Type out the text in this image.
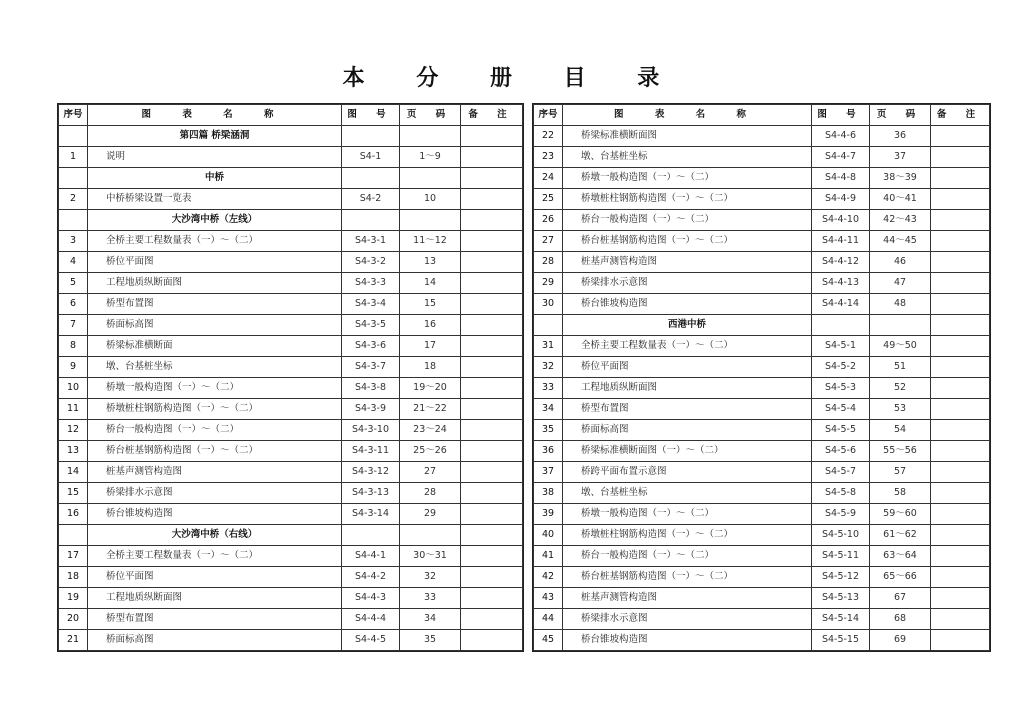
本 分 册 目 录
序号	图 表 名 称	图 号	页 码	备 注
	第四篇 桥梁涵洞			
1	说明	S4-1	1～9	
	中桥			
2	中桥桥梁设置一览表	S4-2	10	
	大沙湾中桥（左线）			
3	全桥主要工程数量表（一）～（二）	S4-3-1	11～12	
4	桥位平面图	S4-3-2	13	
5	工程地质纵断面图	S4-3-3	14	
6	桥型布置图	S4-3-4	15	
7	桥面标高图	S4-3-5	16	
8	桥梁标准横断面	S4-3-6	17	
9	墩、台基桩坐标	S4-3-7	18	
10	桥墩一般构造图（一）～（二）	S4-3-8	19～20	
11	桥墩桩柱钢筋构造图（一）～（二）	S4-3-9	21～22	
12	桥台一般构造图（一）～（二）	S4-3-10	23～24	
13	桥台桩基钢筋构造图（一）～（二）	S4-3-11	25～26	
14	桩基声测管构造图	S4-3-12	27	
15	桥梁排水示意图	S4-3-13	28	
16	桥台锥坡构造图	S4-3-14	29	
	大沙湾中桥（右线）			
17	全桥主要工程数量表（一）～（二）	S4-4-1	30～31	
18	桥位平面图	S4-4-2	32	
19	工程地质纵断面图	S4-4-3	33	
20	桥型布置图	S4-4-4	34	
21	桥面标高图	S4-4-5	35	
序号	图 表 名 称	图 号	页 码	备 注
22	桥梁标准横断面图	S4-4-6	36	
23	墩、台基桩坐标	S4-4-7	37	
24	桥墩一般构造图（一）～（二）	S4-4-8	38～39	
25	桥墩桩柱钢筋构造图（一）～（二）	S4-4-9	40～41	
26	桥台一般构造图（一）～（二）	S4-4-10	42～43	
27	桥台桩基钢筋构造图（一）～（二）	S4-4-11	44～45	
28	桩基声测管构造图	S4-4-12	46	
29	桥梁排水示意图	S4-4-13	47	
30	桥台锥坡构造图	S4-4-14	48	
	西港中桥			
31	全桥主要工程数量表（一）～（二）	S4-5-1	49～50	
32	桥位平面图	S4-5-2	51	
33	工程地质纵断面图	S4-5-3	52	
34	桥型布置图	S4-5-4	53	
35	桥面标高图	S4-5-5	54	
36	桥梁标准横断面图（一）～（二）	S4-5-6	55～56	
37	桥跨平面布置示意图	S4-5-7	57	
38	墩、台基桩坐标	S4-5-8	58	
39	桥墩一般构造图（一）～（二）	S4-5-9	59～60	
40	桥墩桩柱钢筋构造图（一）～（二）	S4-5-10	61～62	
41	桥台一般构造图（一）～（二）	S4-5-11	63～64	
42	桥台桩基钢筋构造图（一）～（二）	S4-5-12	65～66	
43	桩基声测管构造图	S4-5-13	67	
44	桥梁排水示意图	S4-5-14	68	
45	桥台锥坡构造图	S4-5-15	69	
